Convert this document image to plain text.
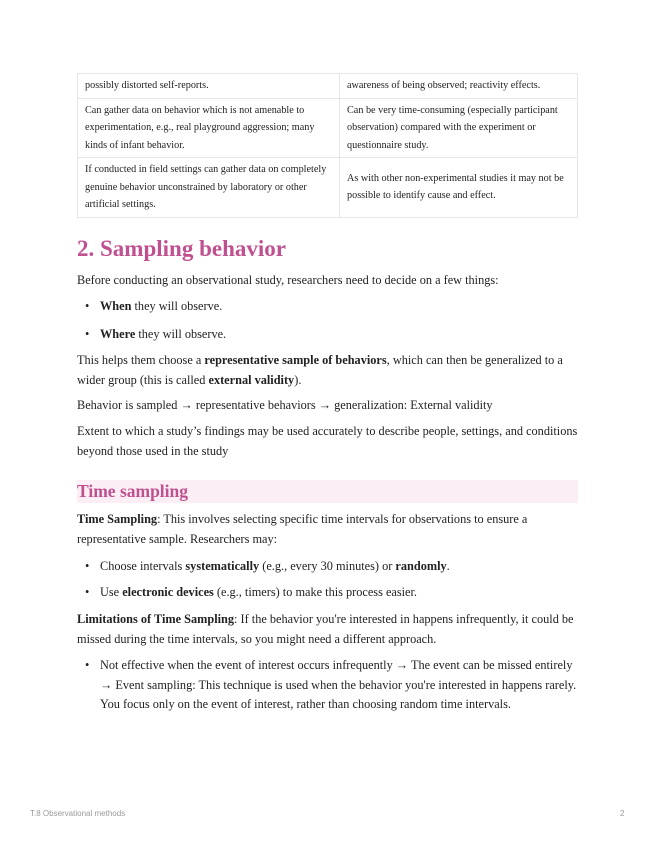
possibly distorted self-reports.	awareness of being observed; reactivity effects.
Can gather data on behavior which is not amenable to experimentation, e.g., real playground aggression; many kinds of infant behavior.	Can be very time-consuming (especially participant observation) compared with the experiment or questionnaire study.
If conducted in field settings can gather data on completely genuine behavior unconstrained by laboratory or other artificial settings.	As with other non-experimental studies it may not be possible to identify cause and effect.
2. Sampling behavior

Before conducting an observational study, researchers need to decide on a few things:

• When they will observe.
• Where they will observe.

This helps them choose a representative sample of behaviors, which can then be generalized to a wider group (this is called external validity).

Behavior is sampled → representative behaviors → generalization: External validity

Extent to which a study’s findings may be used accurately to describe people, settings, and conditions beyond those used in the study

Time sampling

Time Sampling: This involves selecting specific time intervals for observations to ensure a representative sample. Researchers may:

• Choose intervals systematically (e.g., every 30 minutes) or randomly.
• Use electronic devices (e.g., timers) to make this process easier.

Limitations of Time Sampling: If the behavior you're interested in happens infrequently, it could be missed during the time intervals, so you might need a different approach.

• Not effective when the event of interest occurs infrequently → The event can be missed entirely → Event sampling: This technique is used when the behavior you're interested in happens rarely. You focus only on the event of interest, rather than choosing random time intervals.
T.8 Observational methods	2
